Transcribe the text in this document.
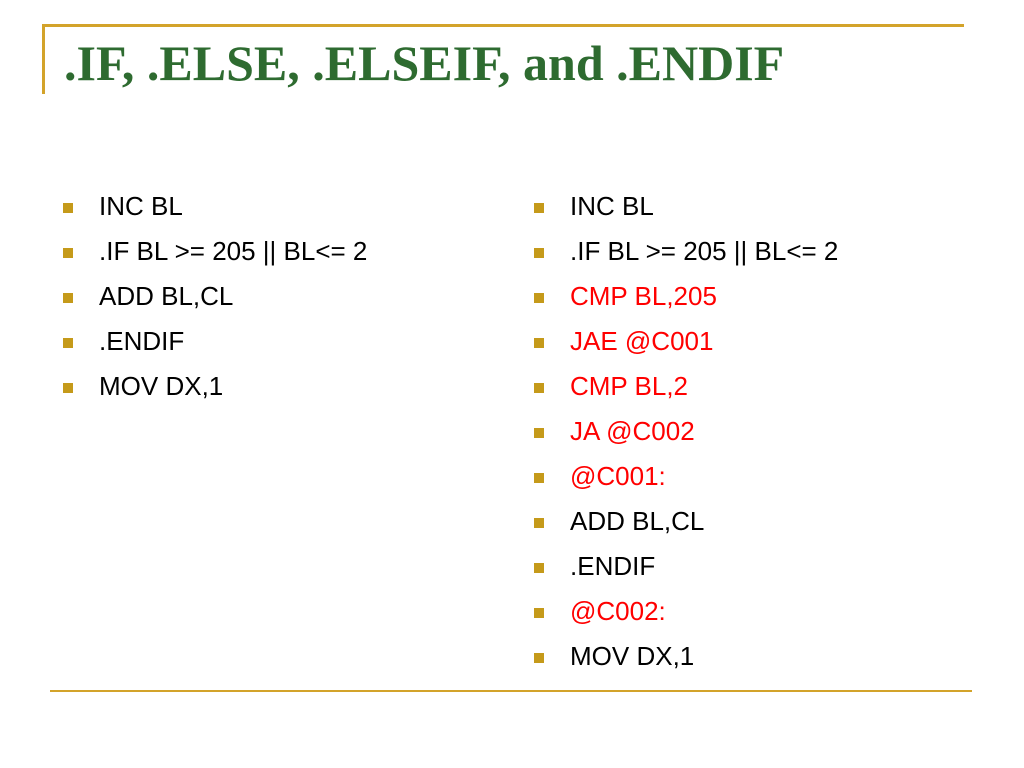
.IF, .ELSE, .ELSEIF, and .ENDIF
INC BL
.IF BL >= 205 || BL<= 2
ADD BL,CL
.ENDIF
MOV DX,1
INC BL
.IF BL >= 205 || BL<= 2
CMP BL,205
JAE @C001
CMP BL,2
JA @C002
@C001:
ADD BL,CL
.ENDIF
@C002:
MOV DX,1
